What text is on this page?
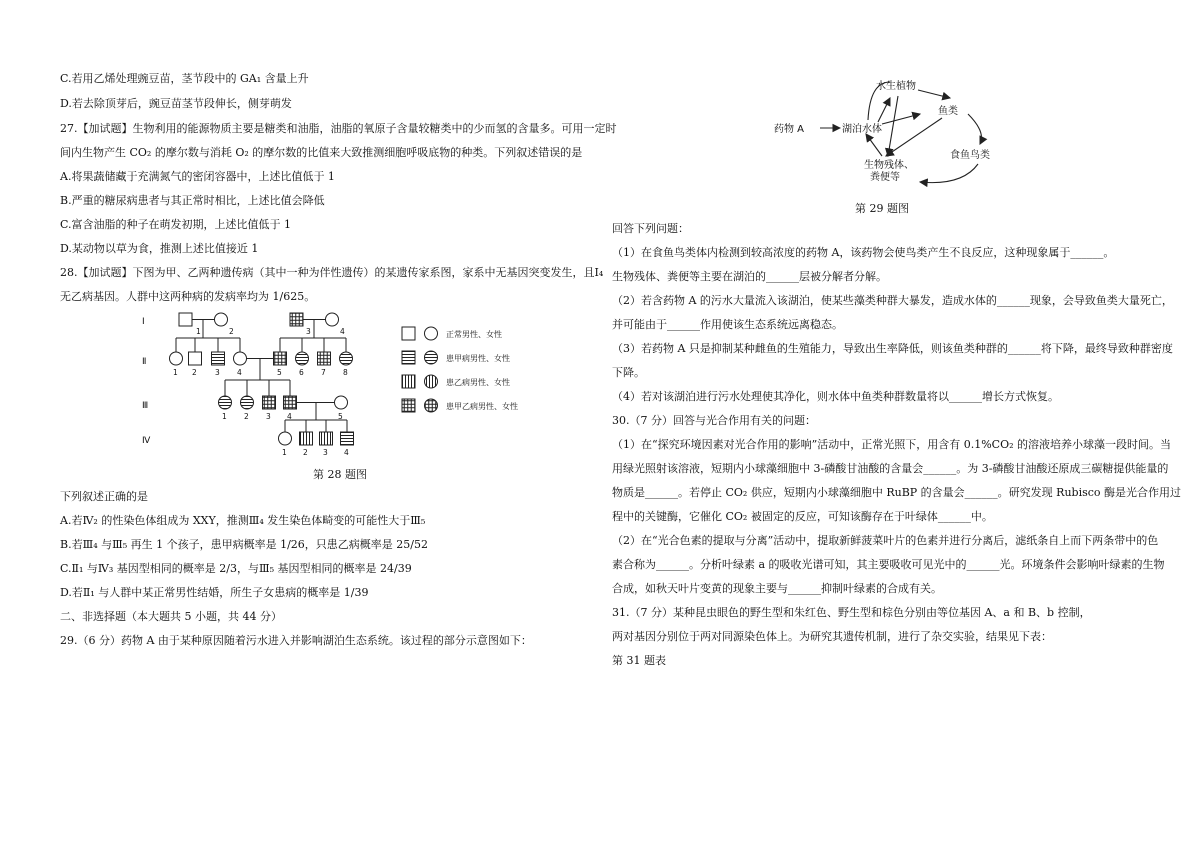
C.若用乙烯处理豌豆苗，茎节段中的 GA₁ 含量上升
D.若去除顶芽后，豌豆苗茎节段伸长，侧芽萌发
27.【加试题】生物利用的能源物质主要是糖类和油脂，油脂的氧原子含量较糖类中的少而氢的含量多。可用一定时
间内生物产生 CO₂ 的摩尔数与消耗 O₂ 的摩尔数的比值来大致推测细胞呼吸底物的种类。下列叙述错误的是
A.将果蔬储藏于充满氮气的密闭容器中，上述比值低于 1
B.严重的糖尿病患者与其正常时相比，上述比值会降低
C.富含油脂的种子在萌发初期，上述比值低于 1
D.某动物以草为食，推测上述比值接近 1
28.【加试题】下图为甲、乙两种遗传病（其中一种为伴性遗传）的某遗传家系图，家系中无基因突变发生，且Ⅰ₄
无乙病基因。人群中这两种病的发病率均为 1/625。
Ⅰ
Ⅱ
Ⅲ
Ⅳ
1	2	3	4
1 2 3 4	5 6 7 8
1 2 3 4	5
1 2 3 4
正常男性、女性
患甲病男性、女性
患乙病男性、女性
患甲乙病男性、女性
第 28 题图
下列叙述正确的是
A.若Ⅳ₂ 的性染色体组成为 XXY，推测Ⅲ₄ 发生染色体畸变的可能性大于Ⅲ₅
B.若Ⅲ₄ 与Ⅲ₅ 再生 1 个孩子，患甲病概率是 1/26，只患乙病概率是 25/52
C.Ⅱ₁ 与Ⅳ₃ 基因型相同的概率是 2/3，与Ⅲ₅ 基因型相同的概率是 24/39
D.若Ⅱ₁ 与人群中某正常男性结婚，所生子女患病的概率是 1/39
二、非选择题（本大题共 5 小题，共 44 分）
29.（6 分）药物 A 由于某种原因随着污水进入并影响湖泊生态系统。该过程的部分示意图如下：
水生植物
药物 A	湖泊水体
鱼类
食鱼鸟类
生物残体、
粪便等
第 29 题图
回答下列问题：
（1）在食鱼鸟类体内检测到较高浓度的药物 A，该药物会使鸟类产生不良反应，这种现象属于______。
生物残体、粪便等主要在湖泊的______层被分解者分解。
（2）若含药物 A 的污水大量流入该湖泊，使某些藻类种群大暴发，造成水体的______现象，会导致鱼类大量死亡，
并可能由于______作用使该生态系统远离稳态。
（3）若药物 A 只是抑制某种雌鱼的生殖能力，导致出生率降低，则该鱼类种群的______将下降，最终导致种群密度
下降。
（4）若对该湖泊进行污水处理使其净化，则水体中鱼类种群数量将以______增长方式恢复。
30.（7 分）回答与光合作用有关的问题：
（1）在“探究环境因素对光合作用的影响”活动中，正常光照下，用含有 0.1%CO₂ 的溶液培养小球藻一段时间。当
用绿光照射该溶液，短期内小球藻细胞中 3-磷酸甘油酸的含量会______。为 3-磷酸甘油酸还原成三碳糖提供能量的
物质是______。若停止 CO₂ 供应，短期内小球藻细胞中 RuBP 的含量会______。研究发现 Rubisco 酶是光合作用过
程中的关键酶，它催化 CO₂ 被固定的反应，可知该酶存在于叶绿体______中。
（2）在“光合色素的提取与分离”活动中，提取新鲜菠菜叶片的色素并进行分离后，滤纸条自上而下两条带中的色
素合称为______。分析叶绿素 a 的吸收光谱可知，其主要吸收可见光中的______光。环境条件会影响叶绿素的生物
合成，如秋天叶片变黄的现象主要与______抑制叶绿素的合成有关。
31.（7 分）某种昆虫眼色的野生型和朱红色、野生型和棕色分别由等位基因 A、a 和 B、b 控制，
两对基因分别位于两对同源染色体上。为研究其遗传机制，进行了杂交实验，结果见下表：
第 31 题表
